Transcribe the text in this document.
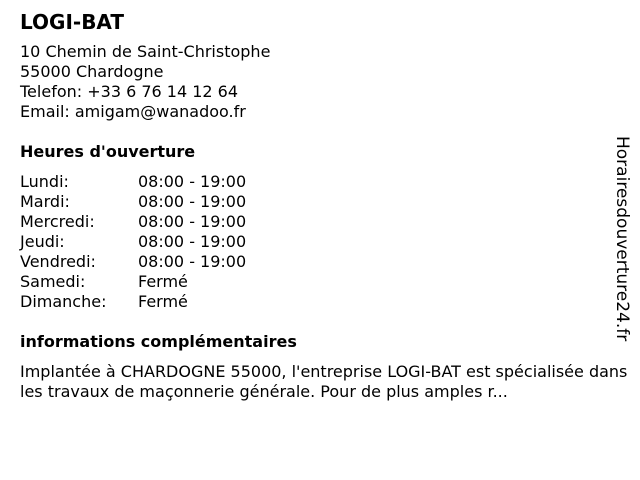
LOGI-BAT
10 Chemin de Saint-Christophe
55000 Chardogne
Telefon: +33 6 76 14 12 64
Email: amigam@wanadoo.fr
Heures d'ouverture
Lundi:	08:00 - 19:00
Mardi:	08:00 - 19:00
Mercredi:	08:00 - 19:00
Jeudi:	08:00 - 19:00
Vendredi:	08:00 - 19:00
Samedi:	Fermé
Dimanche:	Fermé
informations complémentaires
Implantée à CHARDOGNE 55000, l'entreprise LOGI-BAT est spécialisée dans les travaux de maçonnerie générale. Pour de plus amples r...
Horairesdouverture24.fr
